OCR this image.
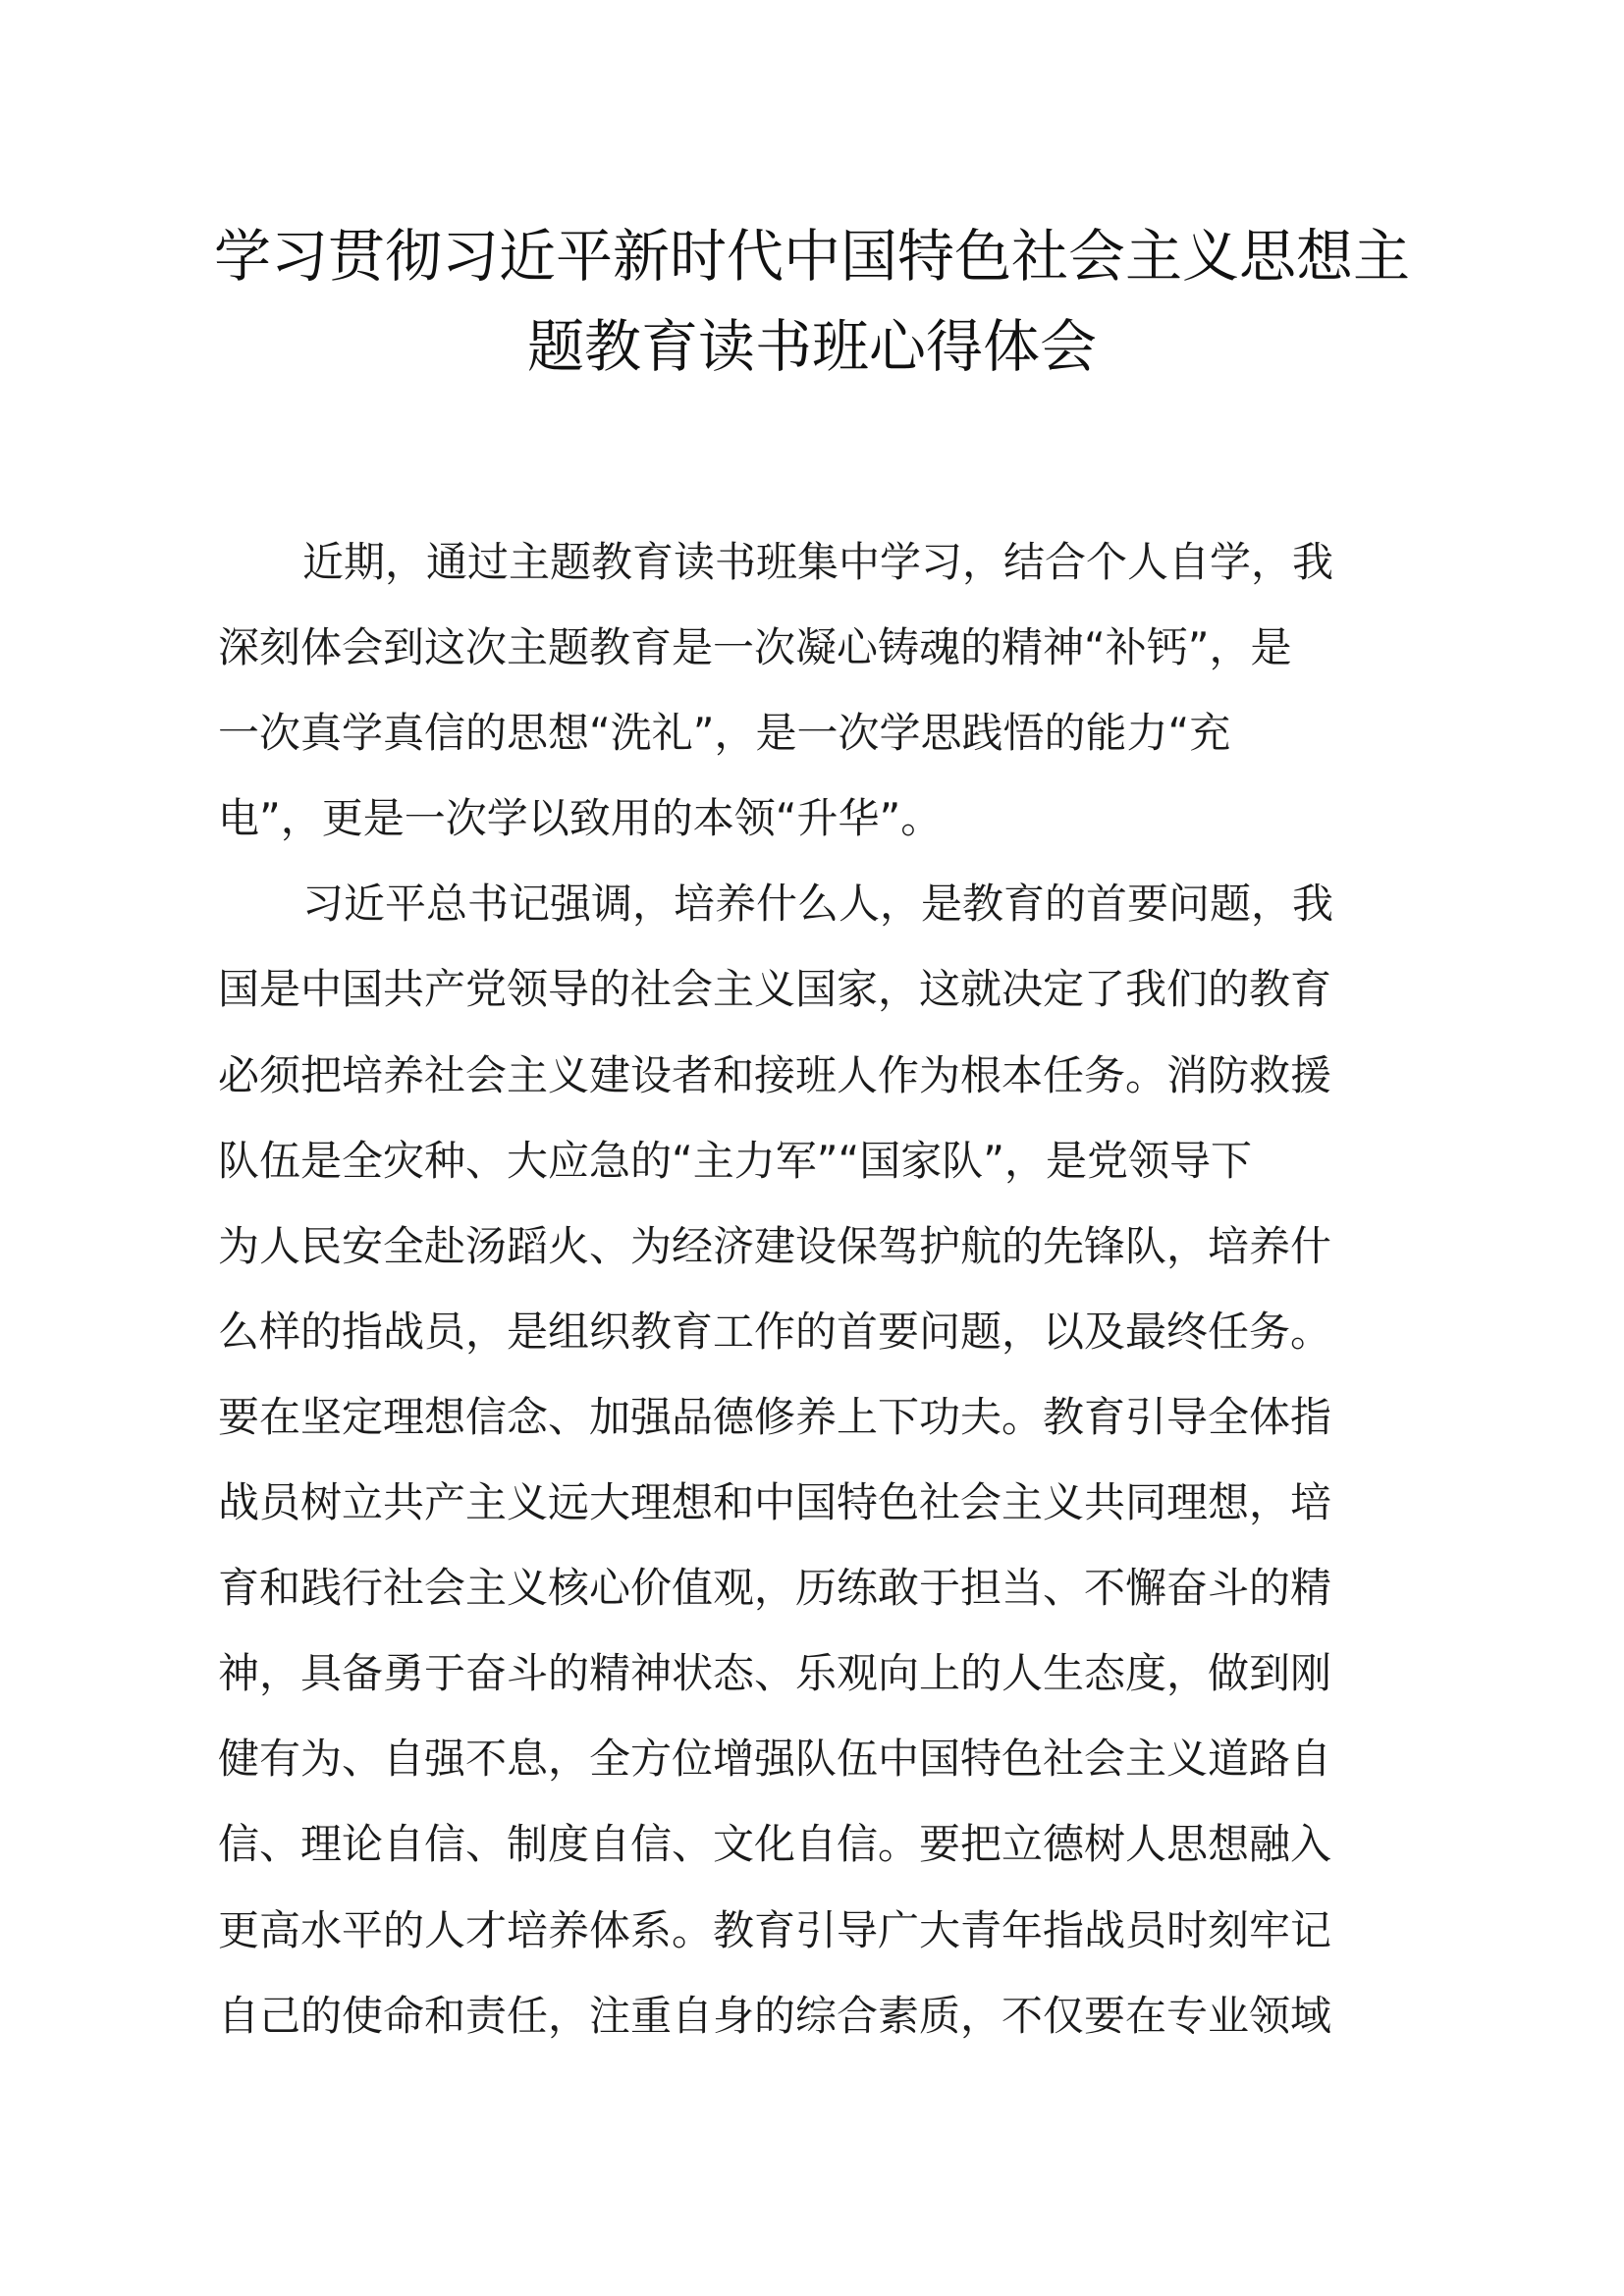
学习贯彻习近平新时代中国特色社会主义思想主
题教育读书班心得体会
近期，通过主题教育读书班集中学习，结合个人自学，我
深刻体会到这次主题教育是一次凝心铸魂的精神“补钙”，是
一次真学真信的思想“洗礼”，是一次学思践悟的能力“充
电”，更是一次学以致用的本领“升华”。
习近平总书记强调，培养什么人，是教育的首要问题，我
国是中国共产党领导的社会主义国家，这就决定了我们的教育
必须把培养社会主义建设者和接班人作为根本任务。消防救援
队伍是全灾种、大应急的“主力军”“国家队”，是党领导下
为人民安全赴汤蹈火、为经济建设保驾护航的先锋队，培养什
么样的指战员，是组织教育工作的首要问题，以及最终任务。
要在坚定理想信念、加强品德修养上下功夫。教育引导全体指
战员树立共产主义远大理想和中国特色社会主义共同理想，培
育和践行社会主义核心价值观，历练敢于担当、不懈奋斗的精
神，具备勇于奋斗的精神状态、乐观向上的人生态度，做到刚
健有为、自强不息，全方位增强队伍中国特色社会主义道路自
信、理论自信、制度自信、文化自信。要把立德树人思想融入
更高水平的人才培养体系。教育引导广大青年指战员时刻牢记
自己的使命和责任，注重自身的综合素质，不仅要在专业领域
